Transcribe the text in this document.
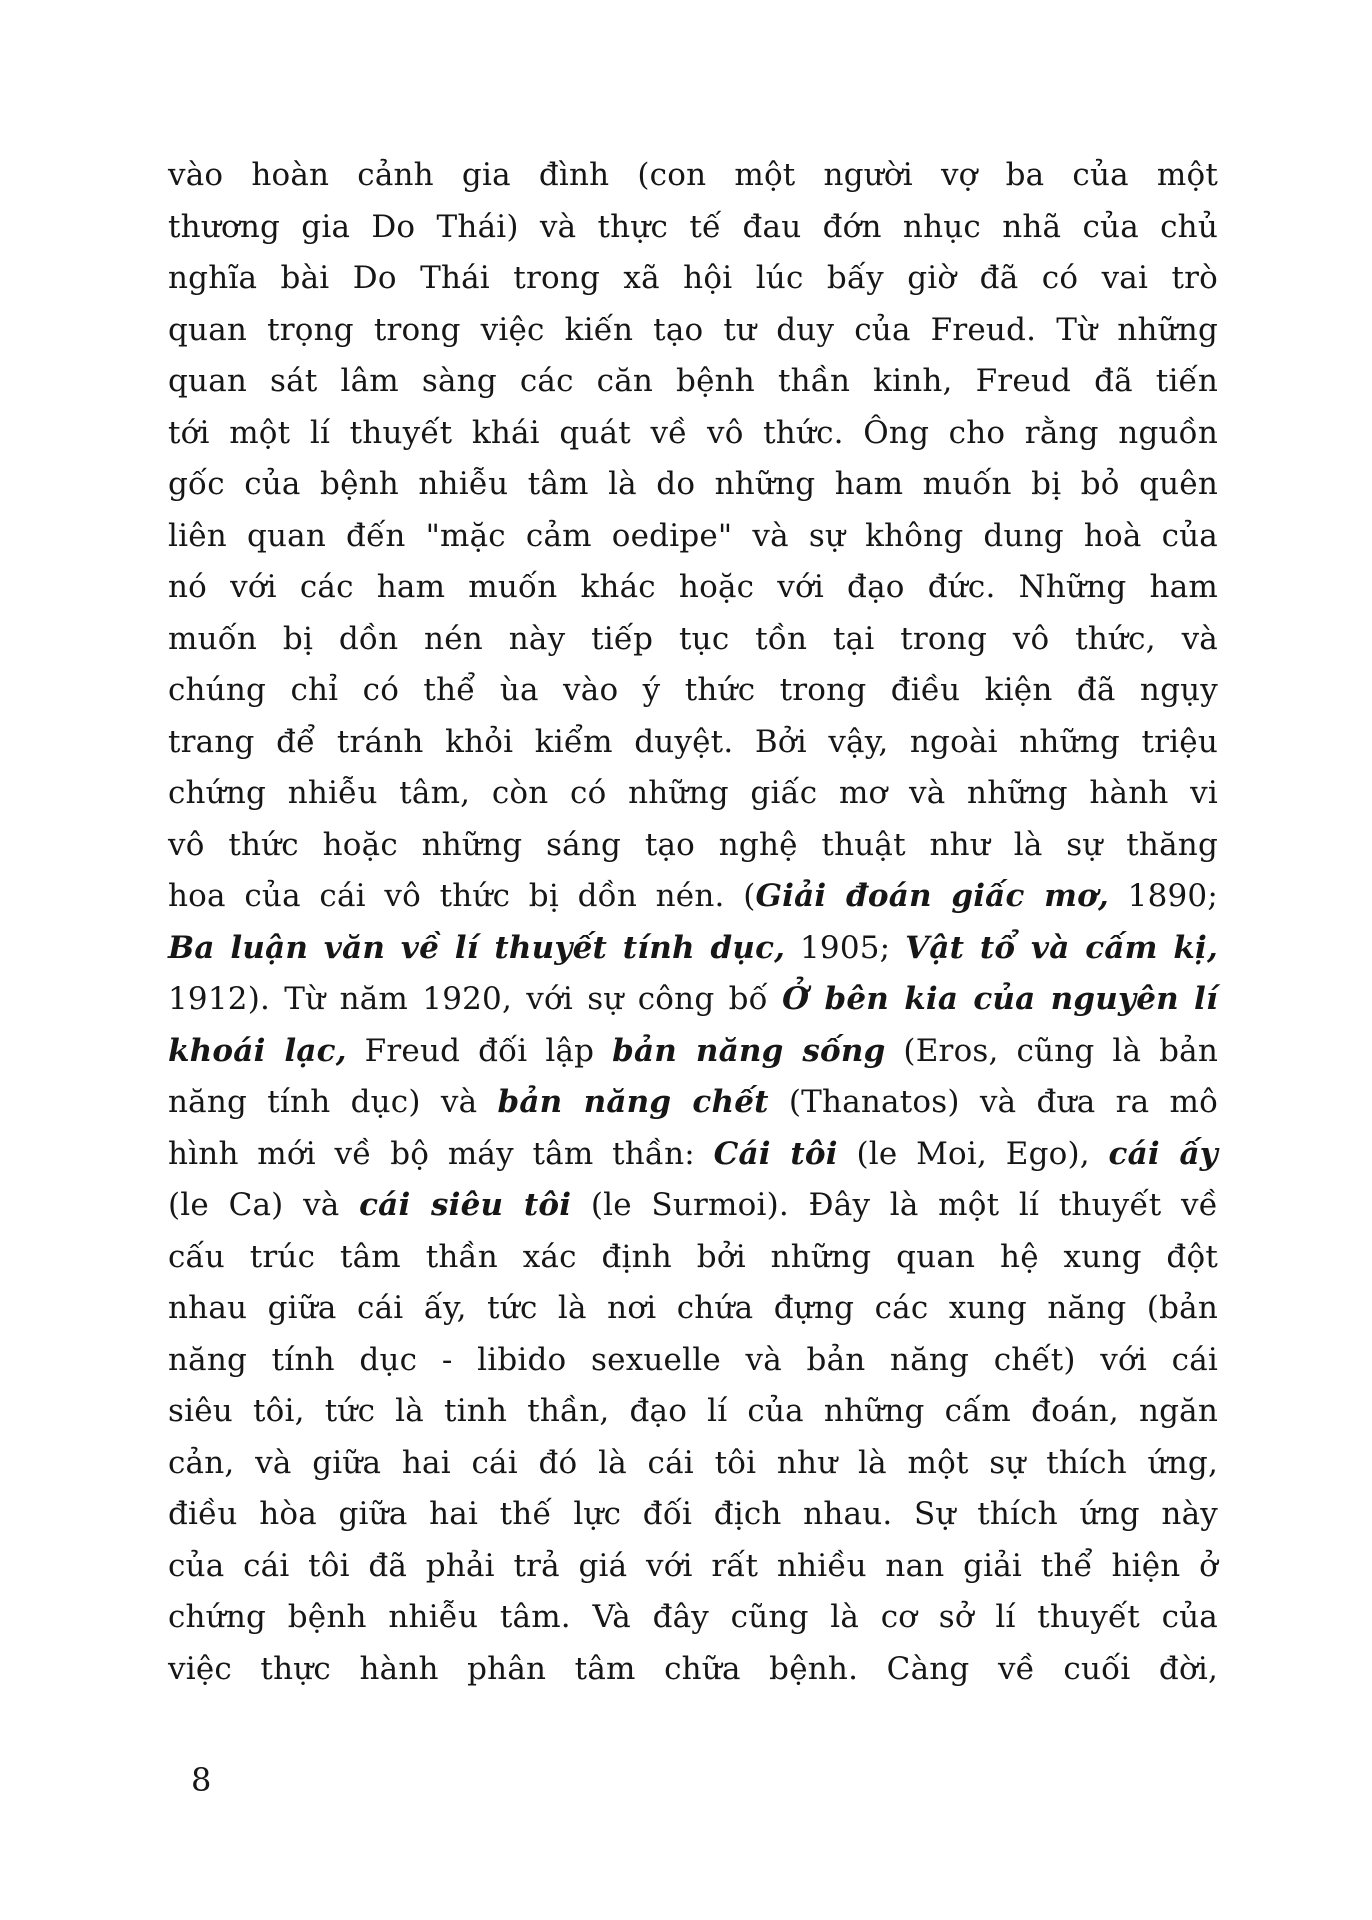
vào hoàn cảnh gia đình (con một người vợ ba của một
thương gia Do Thái) và thực tế đau đớn nhục nhã của chủ
nghĩa bài Do Thái trong xã hội lúc bấy giờ đã có vai trò
quan trọng trong việc kiến tạo tư duy của Freud. Từ những
quan sát lâm sàng các căn bệnh thần kinh, Freud đã tiến
tới một lí thuyết khái quát về vô thức. Ông cho rằng nguồn
gốc của bệnh nhiễu tâm là do những ham muốn bị bỏ quên
liên quan đến "mặc cảm oedipe" và sự không dung hoà của
nó với các ham muốn khác hoặc với đạo đức. Những ham
muốn bị dồn nén này tiếp tục tồn tại trong vô thức, và
chúng chỉ có thể ùa vào ý thức trong điều kiện đã ngụy
trang để tránh khỏi kiểm duyệt. Bởi vậy, ngoài những triệu
chứng nhiễu tâm, còn có những giấc mơ và những hành vi
vô thức hoặc những sáng tạo nghệ thuật như là sự thăng
hoa của cái vô thức bị dồn nén. (Giải đoán giấc mơ, 1890;
Ba luận văn về lí thuyết tính dục, 1905; Vật tổ và cấm kị,
1912). Từ năm 1920, với sự công bố Ở bên kia của nguyên lí
khoái lạc, Freud đối lập bản năng sống (Eros, cũng là bản
năng tính dục) và bản năng chết (Thanatos) và đưa ra mô
hình mới về bộ máy tâm thần: Cái tôi (le Moi, Ego), cái ấy
(le Ca) và cái siêu tôi (le Surmoi). Đây là một lí thuyết về
cấu trúc tâm thần xác định bởi những quan hệ xung đột
nhau giữa cái ấy, tức là nơi chứa đựng các xung năng (bản
năng tính dục - libido sexuelle và bản năng chết) với cái
siêu tôi, tức là tinh thần, đạo lí của những cấm đoán, ngăn
cản, và giữa hai cái đó là cái tôi như là một sự thích ứng,
điều hòa giữa hai thế lực đối địch nhau. Sự thích ứng này
của cái tôi đã phải trả giá với rất nhiều nan giải thể hiện ở
chứng bệnh nhiễu tâm. Và đây cũng là cơ sở lí thuyết của
việc thực hành phân tâm chữa bệnh. Càng về cuối đời,
8
